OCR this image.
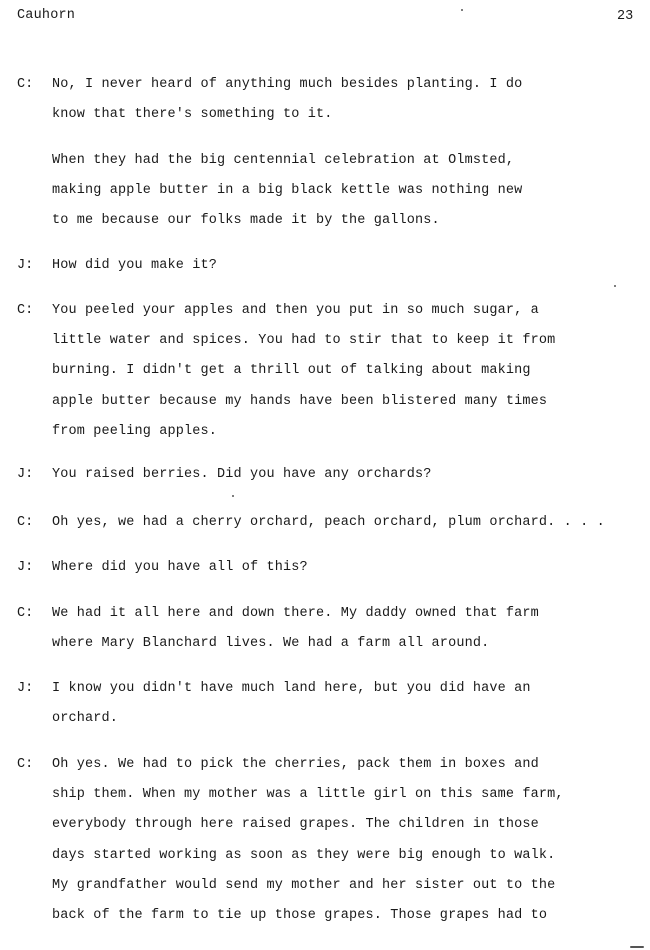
Cauhorn	23
C: No, I never heard of anything much besides planting. I do
know that there's something to it.
When they had the big centennial celebration at Olmsted,
making apple butter in a big black kettle was nothing new
to me because our folks made it by the gallons.
J: How did you make it?
C: You peeled your apples and then you put in so much sugar, a
little water and spices. You had to stir that to keep it from
burning. I didn't get a thrill out of talking about making
apple butter because my hands have been blistered many times
from peeling apples.
J: You raised berries. Did you have any orchards?
C: Oh yes, we had a cherry orchard, peach orchard, plum orchard. . . .
J: Where did you have all of this?
C: We had it all here and down there. My daddy owned that farm
where Mary Blanchard lives. We had a farm all around.
J: I know you didn't have much land here, but you did have an
orchard.
C: Oh yes. We had to pick the cherries, pack them in boxes and
ship them. When my mother was a little girl on this same farm,
everybody through here raised grapes. The children in those
days started working as soon as they were big enough to walk.
My grandfather would send my mother and her sister out to the
back of the farm to tie up those grapes. Those grapes had to
